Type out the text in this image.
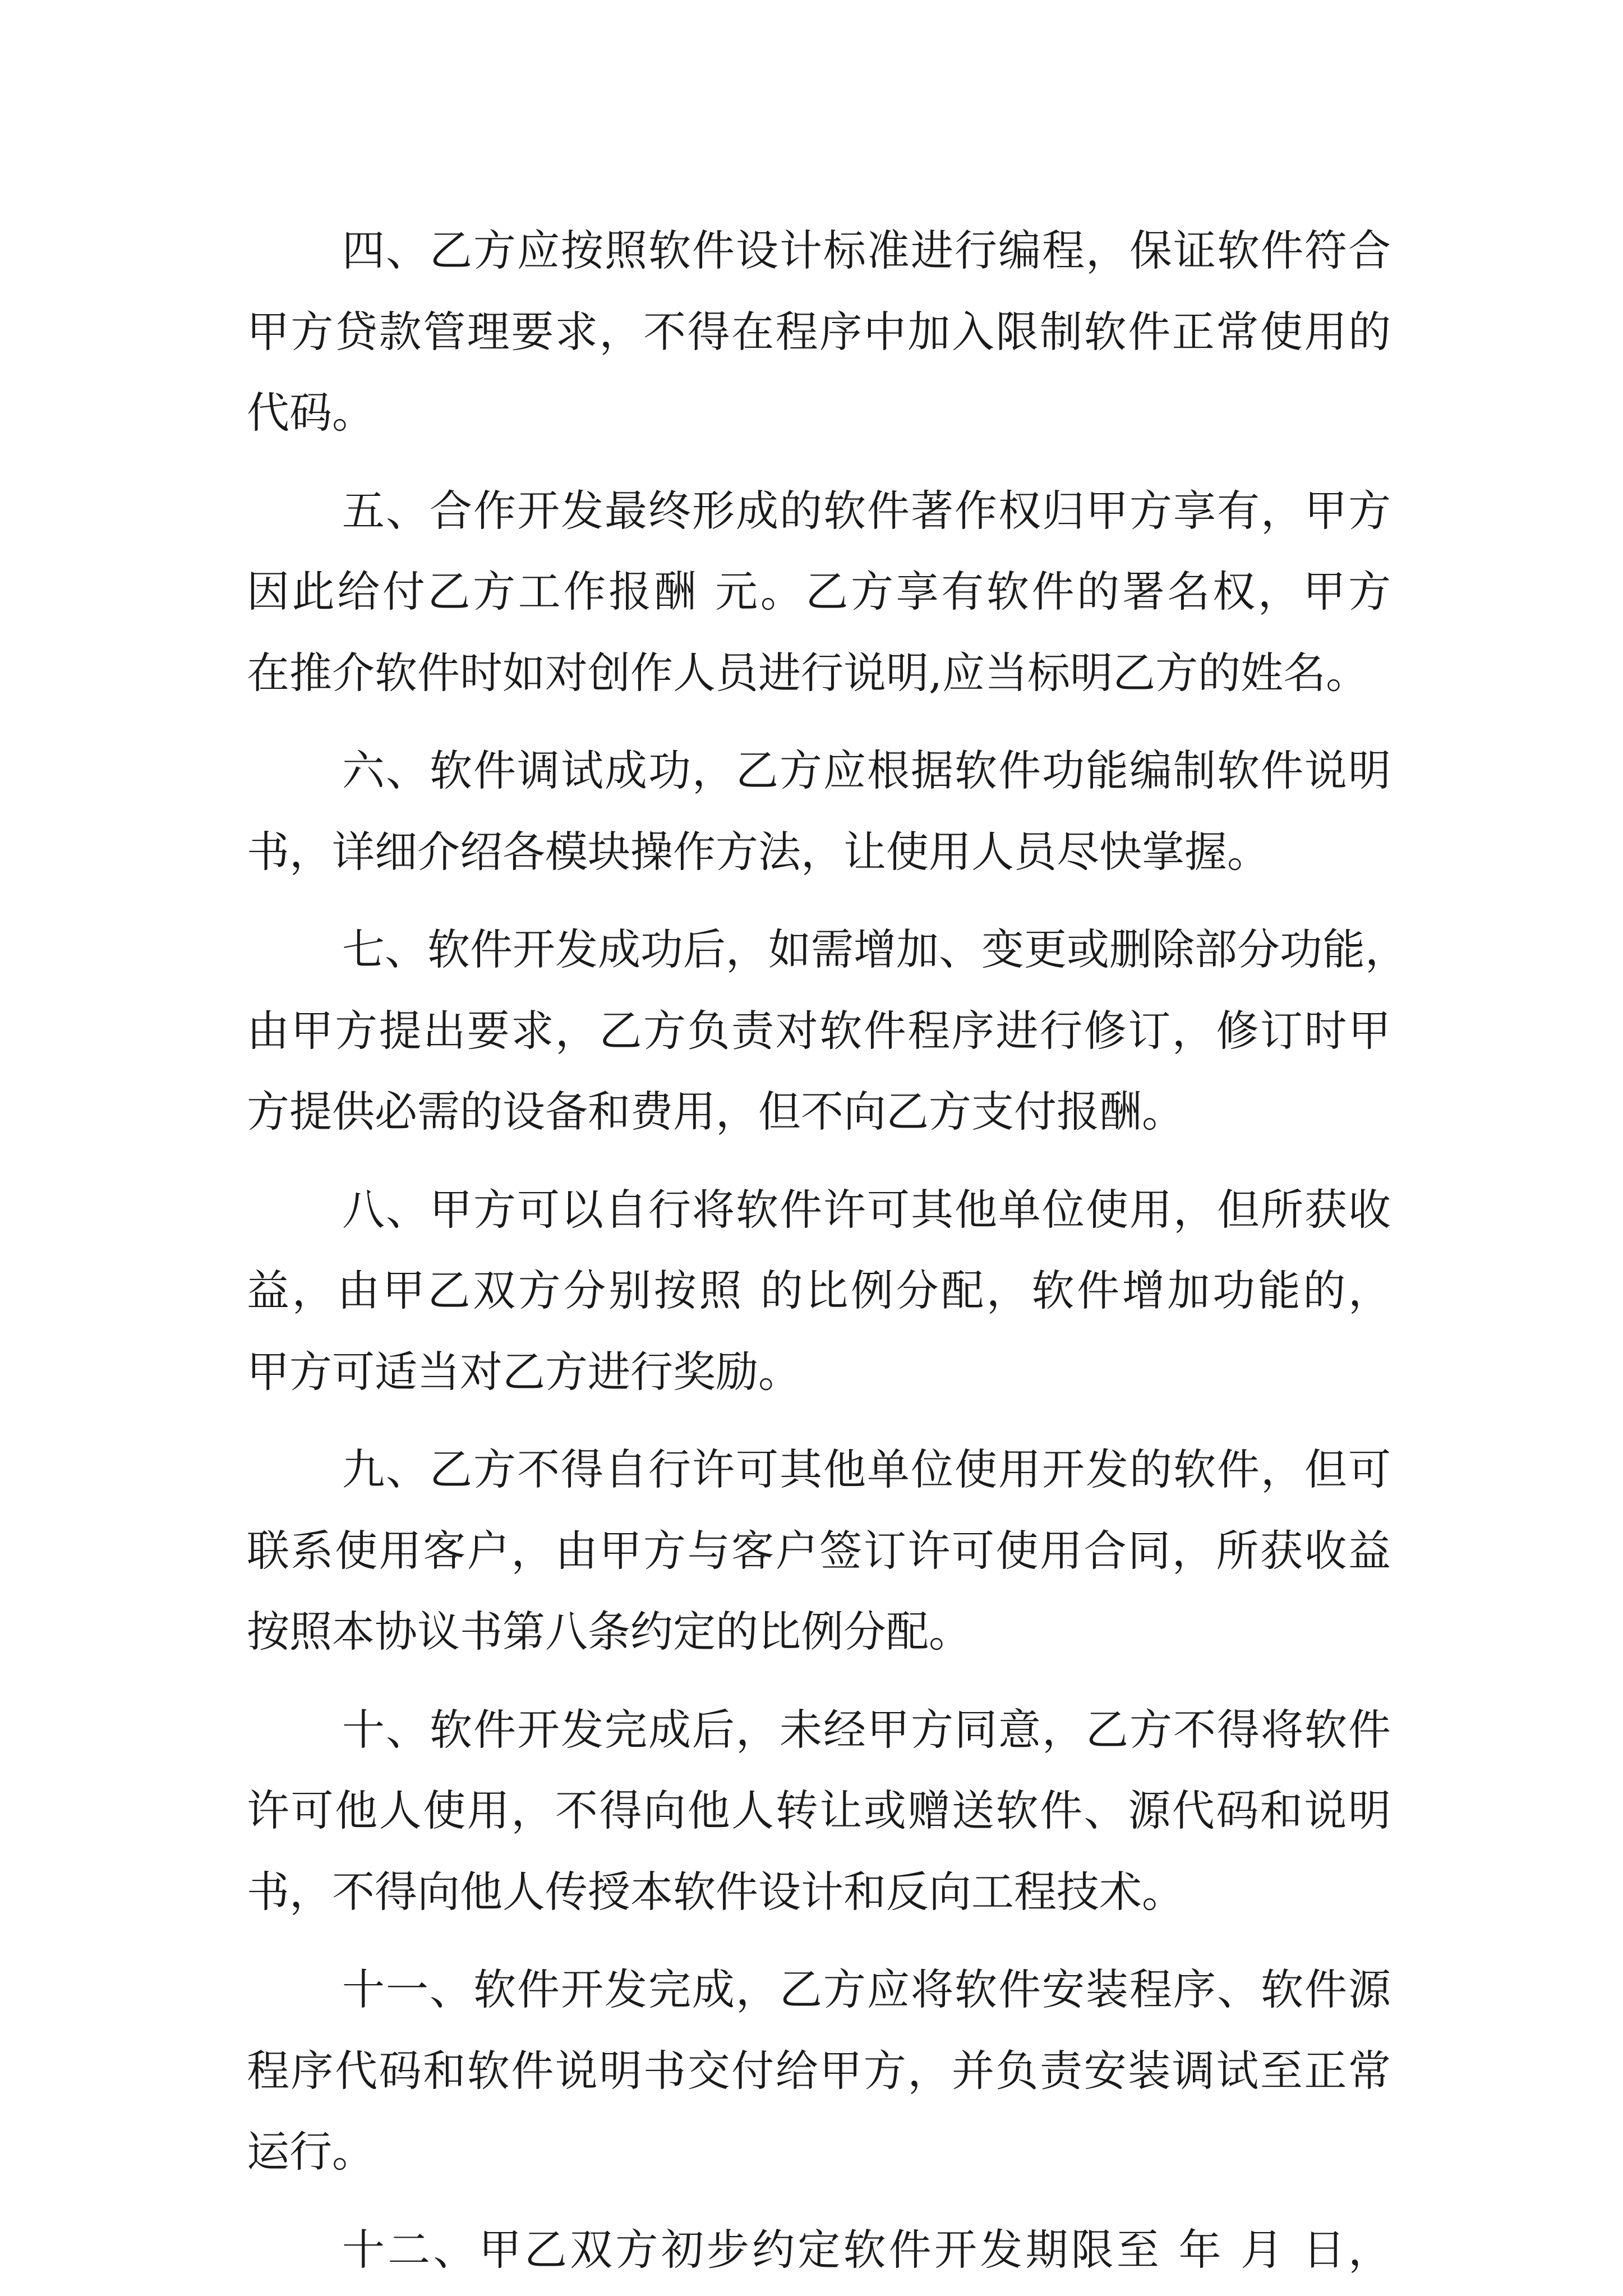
四、乙方应按照软件设计标准进行编程，保证软件符合
甲方贷款管理要求，不得在程序中加入限制软件正常使用的
代码。
五、合作开发最终形成的软件著作权归甲方享有，甲方
因此给付乙方工作报酬 元。乙方享有软件的署名权，甲方
在推介软件时如对创作人员进行说明,应当标明乙方的姓名。
六、软件调试成功，乙方应根据软件功能编制软件说明
书，详细介绍各模块操作方法，让使用人员尽快掌握。
七、软件开发成功后，如需增加、变更或删除部分功能，
由甲方提出要求，乙方负责对软件程序进行修订，修订时甲
方提供必需的设备和费用，但不向乙方支付报酬。
八、甲方可以自行将软件许可其他单位使用，但所获收
益，由甲乙双方分别按照 的比例分配，软件增加功能的，
甲方可适当对乙方进行奖励。
九、乙方不得自行许可其他单位使用开发的软件，但可
联系使用客户，由甲方与客户签订许可使用合同，所获收益
按照本协议书第八条约定的比例分配。
十、软件开发完成后，未经甲方同意，乙方不得将软件
许可他人使用，不得向他人转让或赠送软件、源代码和说明
书，不得向他人传授本软件设计和反向工程技术。
十一、软件开发完成，乙方应将软件安装程序、软件源
程序代码和软件说明书交付给甲方，并负责安装调试至正常
运行。
十二、甲乙双方初步约定软件开发期限至 年 月 日，
